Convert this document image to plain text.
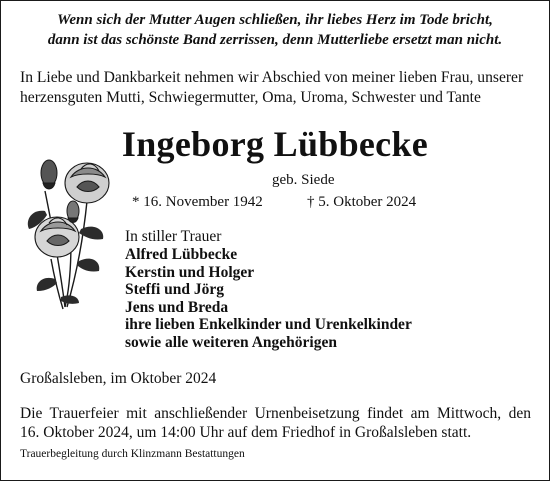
Wenn sich der Mutter Augen schließen, ihr liebes Herz im Tode bricht,
dann ist das schönste Band zerrissen, denn Mutterliebe ersetzt man nicht.
In Liebe und Dankbarkeit nehmen wir Abschied von meiner lieben Frau, unserer
herzensguten Mutti, Schwiegermutter, Oma, Uroma, Schwester und Tante
Ingeborg Lübbecke
geb. Siede
* 16. November 1942	† 5. Oktober 2024
In stiller Trauer
Alfred Lübbecke
Kerstin und Holger
Steffi und Jörg
Jens und Breda
ihre lieben Enkelkinder und Urenkelkinder
sowie alle weiteren Angehörigen
Großalsleben, im Oktober 2024
Die Trauerfeier mit anschließender Urnenbeisetzung findet am Mittwoch, den
16. Oktober 2024, um 14:00 Uhr auf dem Friedhof in Großalsleben statt.
Trauerbegleitung durch Klinzmann Bestattungen
